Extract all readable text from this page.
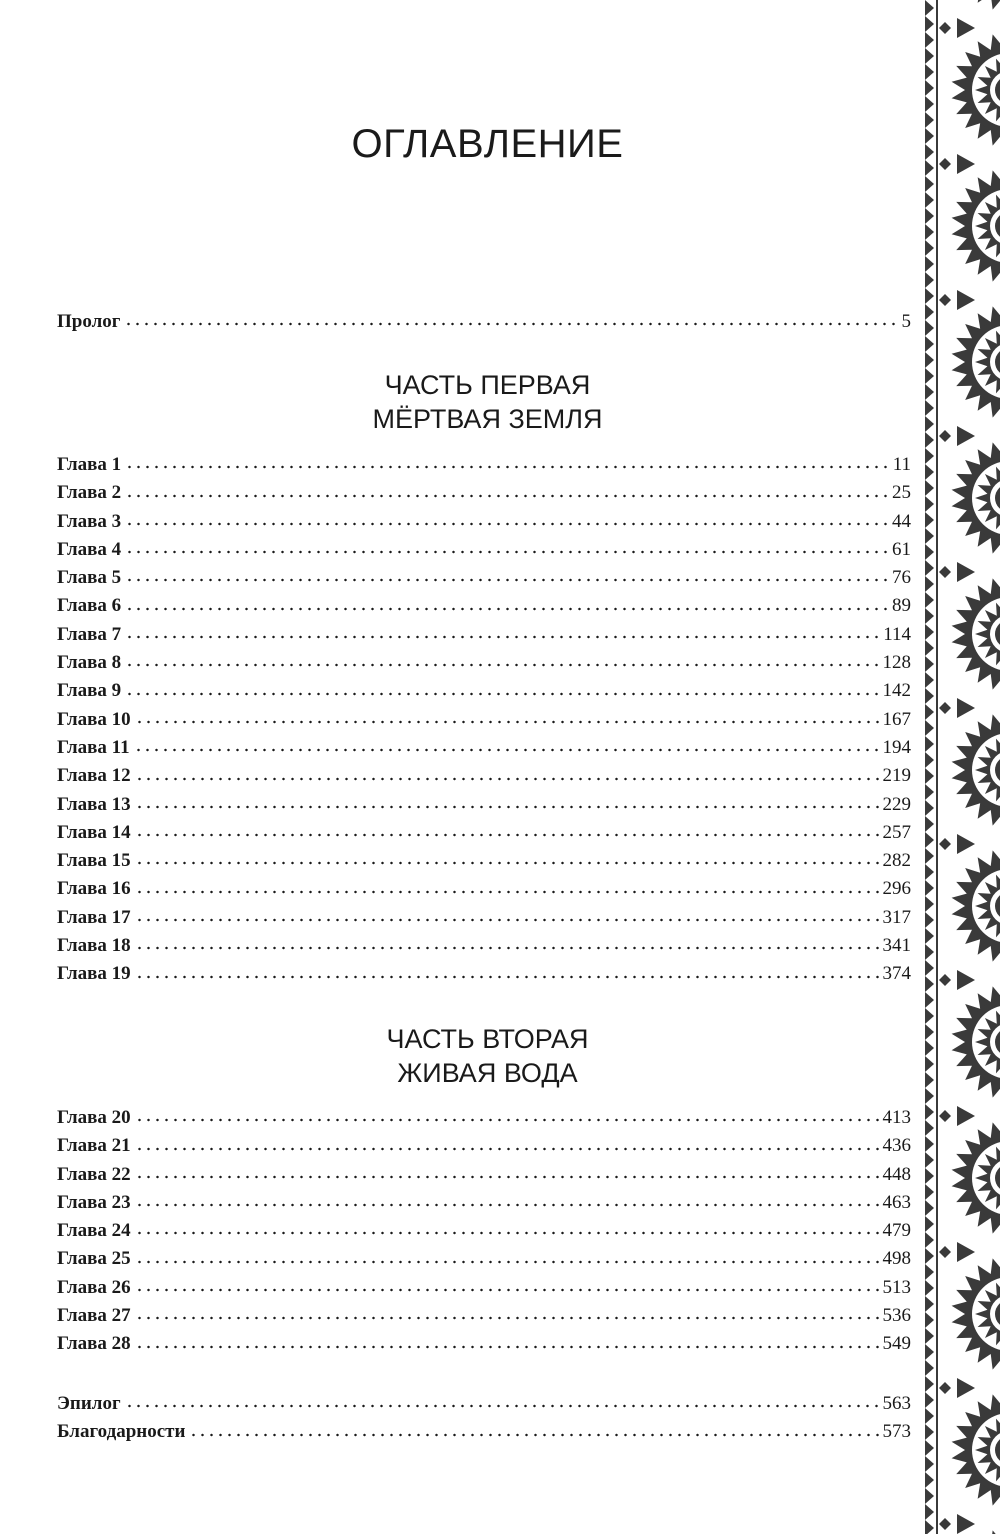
ОГЛАВЛЕНИЕ
Пролог	5
ЧАСТЬ ПЕРВАЯ
МЁРТВАЯ ЗЕМЛЯ
Глава 1	11
Глава 2	25
Глава 3	44
Глава 4	61
Глава 5	76
Глава 6	89
Глава 7	114
Глава 8	128
Глава 9	142
Глава 10	167
Глава 11	194
Глава 12	219
Глава 13	229
Глава 14	257
Глава 15	282
Глава 16	296
Глава 17	317
Глава 18	341
Глава 19	374
ЧАСТЬ ВТОРАЯ
ЖИВАЯ ВОДА
Глава 20	413
Глава 21	436
Глава 22	448
Глава 23	463
Глава 24	479
Глава 25	498
Глава 26	513
Глава 27	536
Глава 28	549
Эпилог	563
Благодарности	573
